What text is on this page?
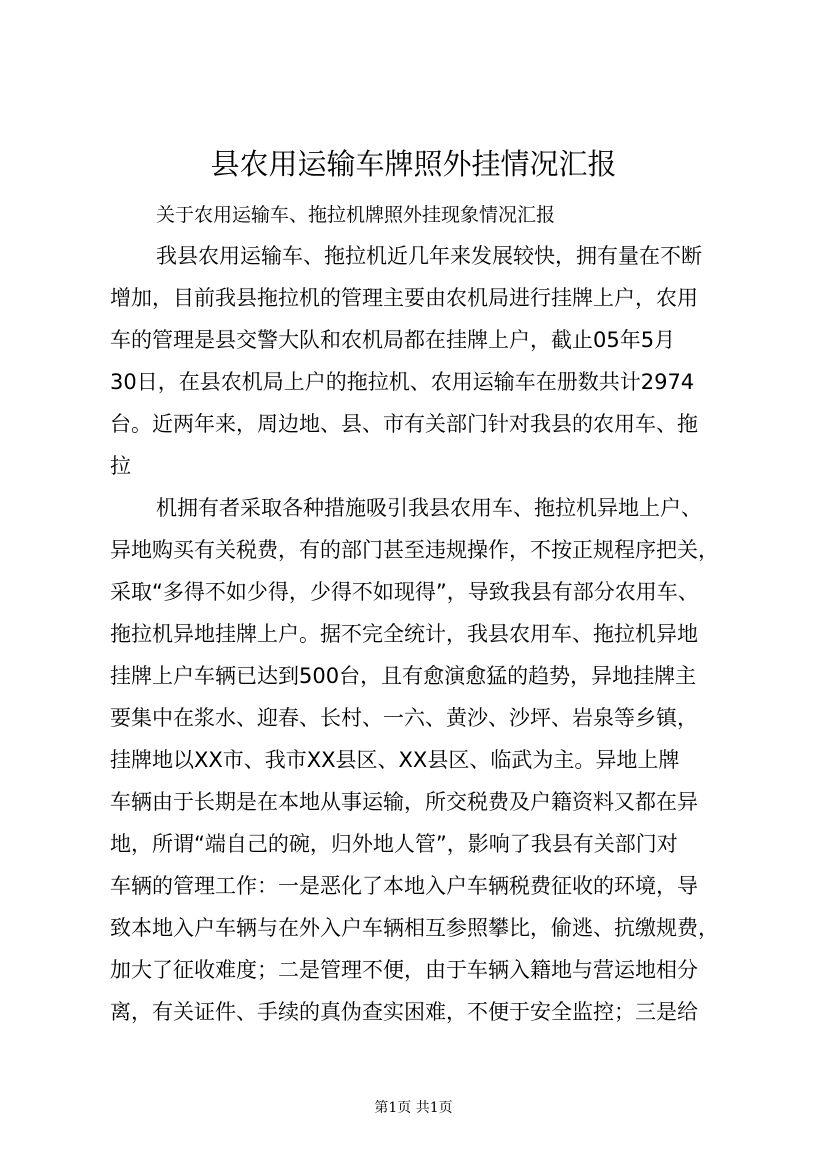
县农用运输车牌照外挂情况汇报
关于农用运输车、拖拉机牌照外挂现象情况汇报
我县农用运输车、拖拉机近几年来发展较快，拥有量在不断
增加，目前我县拖拉机的管理主要由农机局进行挂牌上户，农用
车的管理是县交警大队和农机局都在挂牌上户，截止05年5月
30日，在县农机局上户的拖拉机、农用运输车在册数共计2974
台。近两年来，周边地、县、市有关部门针对我县的农用车、拖
拉
机拥有者采取各种措施吸引我县农用车、拖拉机异地上户、
异地购买有关税费，有的部门甚至违规操作，不按正规程序把关，
采取“多得不如少得，少得不如现得”，导致我县有部分农用车、
拖拉机异地挂牌上户。据不完全统计，我县农用车、拖拉机异地
挂牌上户车辆已达到500台，且有愈演愈猛的趋势，异地挂牌主
要集中在浆水、迎春、长村、一六、黄沙、沙坪、岩泉等乡镇，
挂牌地以XX市、我市XX县区、XX县区、临武为主。异地上牌
车辆由于长期是在本地从事运输，所交税费及户籍资料又都在异
地，所谓“端自己的碗，归外地人管”，影响了我县有关部门对
车辆的管理工作：一是恶化了本地入户车辆税费征收的环境，导
致本地入户车辆与在外入户车辆相互参照攀比，偷逃、抗缴规费，
加大了征收难度；二是管理不便，由于车辆入籍地与营运地相分
离，有关证件、手续的真伪查实困难，不便于安全监控；三是给
第1页 共1页
